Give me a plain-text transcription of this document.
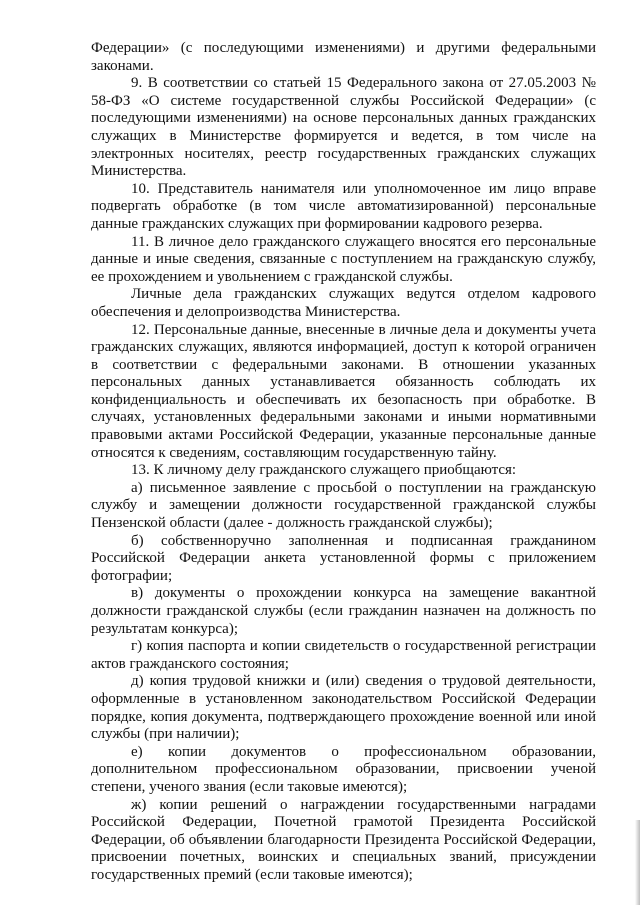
Федерации» (с последующими изменениями) и другими федеральными законами.

9. В соответствии со статьей 15 Федерального закона от 27.05.2003 № 58-ФЗ «О системе государственной службы Российской Федерации» (с последующими изменениями) на основе персональных данных гражданских служащих в Министерстве формируется и ведется, в том числе на электронных носителях, реестр государственных гражданских служащих Министерства.

10. Представитель нанимателя или уполномоченное им лицо вправе подвергать обработке (в том числе автоматизированной) персональные данные гражданских служащих при формировании кадрового резерва.

11. В личное дело гражданского служащего вносятся его персональные данные и иные сведения, связанные с поступлением на гражданскую службу, ее прохождением и увольнением с гражданской службы.

Личные дела гражданских служащих ведутся отделом кадрового обеспечения и делопроизводства Министерства.

12. Персональные данные, внесенные в личные дела и документы учета гражданских служащих, являются информацией, доступ к которой ограничен в соответствии с федеральными законами. В отношении указанных персональных данных устанавливается обязанность соблюдать их конфиденциальность и обеспечивать их безопасность при обработке. В случаях, установленных федеральными законами и иными нормативными правовыми актами Российской Федерации, указанные персональные данные относятся к сведениям, составляющим государственную тайну.

13. К личному делу гражданского служащего приобщаются:

а) письменное заявление с просьбой о поступлении на гражданскую службу и замещении должности государственной гражданской службы Пензенской области (далее - должность гражданской службы);

б) собственноручно заполненная и подписанная гражданином Российской Федерации анкета установленной формы с приложением фотографии;

в) документы о прохождении конкурса на замещение вакантной должности гражданской службы (если гражданин назначен на должность по результатам конкурса);

г) копия паспорта и копии свидетельств о государственной регистрации актов гражданского состояния;

д) копия трудовой книжки и (или) сведения о трудовой деятельности, оформленные в установленном законодательством Российской Федерации порядке, копия документа, подтверждающего прохождение военной или иной службы (при наличии);

е) копии документов о профессиональном образовании, дополнительном профессиональном образовании, присвоении ученой степени, ученого звания (если таковые имеются);

ж) копии решений о награждении государственными наградами Российской Федерации, Почетной грамотой Президента Российской Федерации, об объявлении благодарности Президента Российской Федерации, присвоении почетных, воинских и специальных званий, присуждении государственных премий (если таковые имеются);
